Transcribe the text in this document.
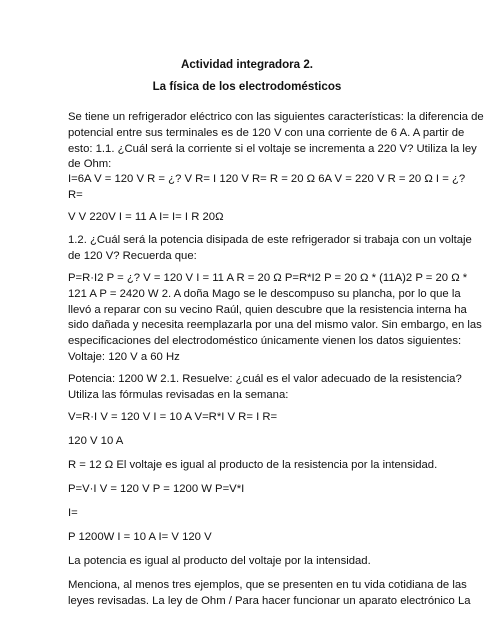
Actividad integradora 2.
La física de los electrodomésticos
Se tiene un refrigerador eléctrico con las siguientes características: la diferencia de
potencial entre sus terminales es de 120 V con una corriente de 6 A. A partir de
esto: 1.1. ¿Cuál será la corriente si el voltaje se incrementa a 220 V? Utiliza la ley
de Ohm:
I=6A V = 120 V R = ¿? V R= I 120 V R= R = 20 Ω 6A V = 220 V R = 20 Ω I = ¿?
R=
V V 220V I = 11 A I= I= I R 20Ω
1.2. ¿Cuál será la potencia disipada de este refrigerador si trabaja con un voltaje
de 120 V? Recuerda que:
P=R·I2 P = ¿? V = 120 V I = 11 A R = 20 Ω P=R*I2 P = 20 Ω * (11A)2 P = 20 Ω *
121 A P = 2420 W 2. A doña Mago se le descompuso su plancha, por lo que la
llevó a reparar con su vecino Raúl, quien descubre que la resistencia interna ha
sido dañada y necesita reemplazarla por una del mismo valor. Sin embargo, en las
especificaciones del electrodoméstico únicamente vienen los datos siguientes:
Voltaje: 120 V a 60 Hz
Potencia: 1200 W 2.1. Resuelve: ¿cuál es el valor adecuado de la resistencia?
Utiliza las fórmulas revisadas en la semana:
V=R·I V = 120 V I = 10 A V=R*I V R= I R=
120 V 10 A
R = 12 Ω El voltaje es igual al producto de la resistencia por la intensidad.
P=V·I V = 120 V P = 1200 W P=V*I
I=
P 1200W I = 10 A I= V 120 V
La potencia es igual al producto del voltaje por la intensidad.
Menciona, al menos tres ejemplos, que se presenten en tu vida cotidiana de las
leyes revisadas. La ley de Ohm / Para hacer funcionar un aparato electrónico La
